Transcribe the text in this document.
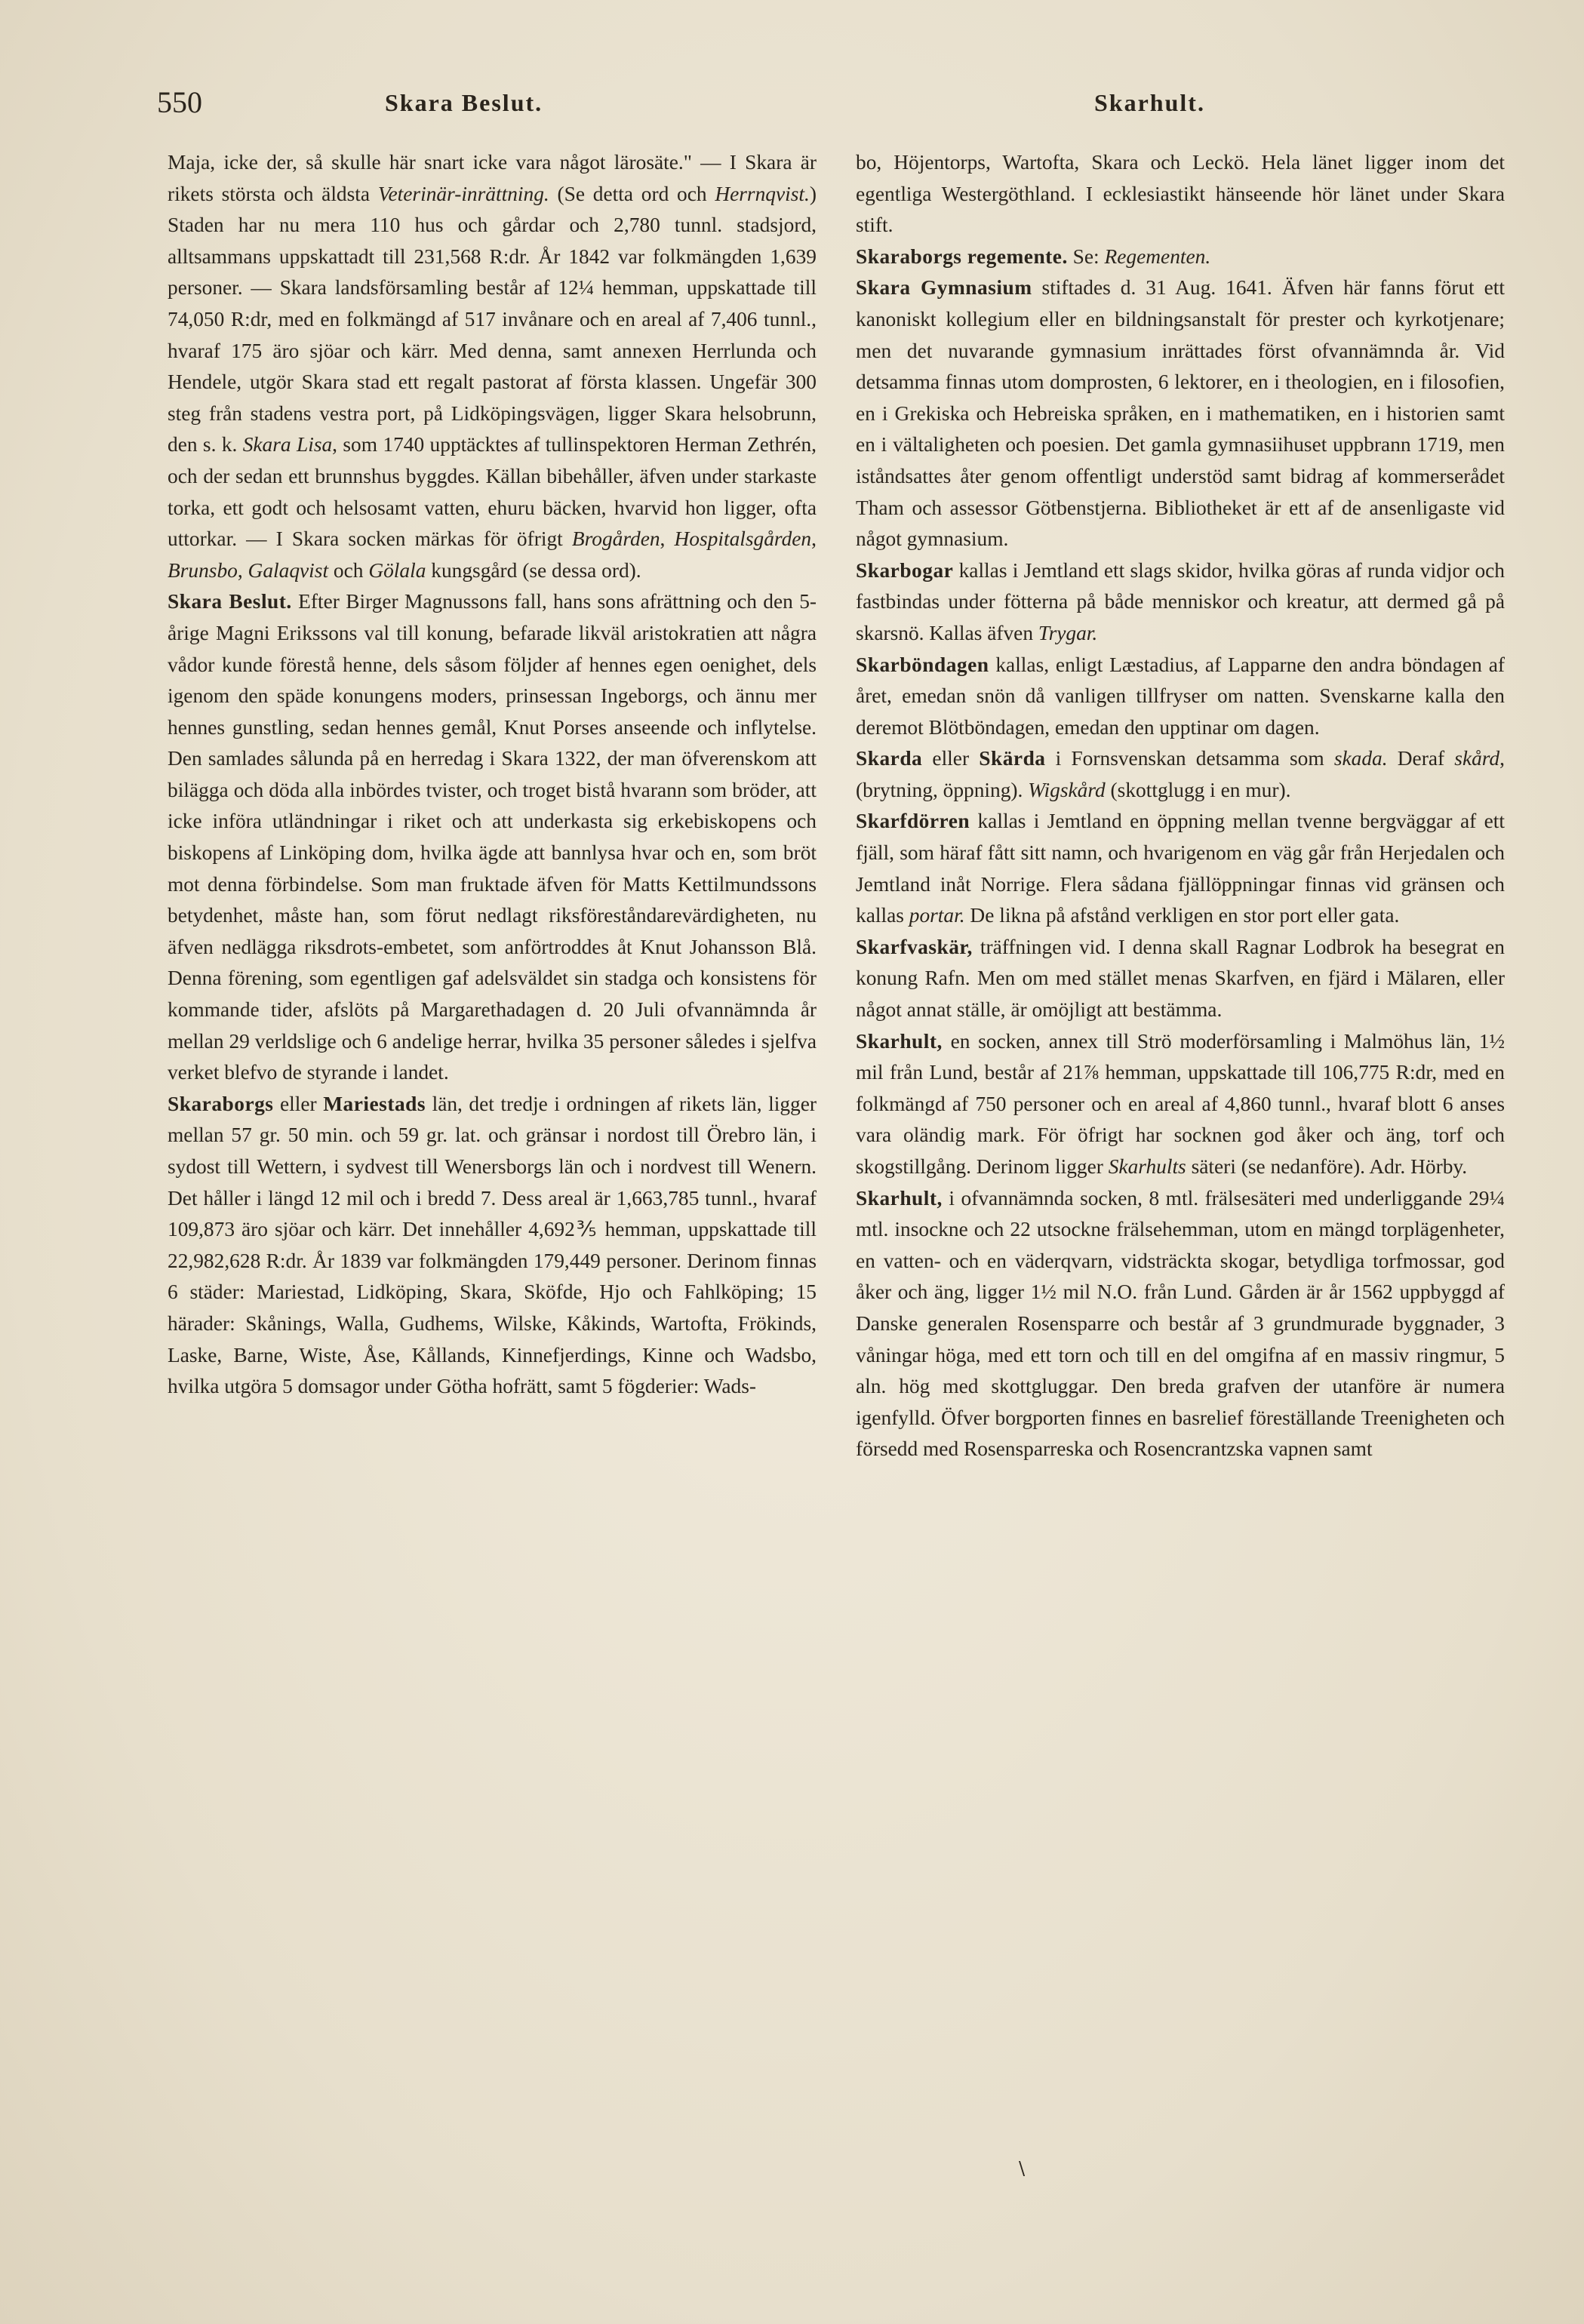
550	Skara Beslut.	Skarhult.

Maja, icke der, så skulle här snart icke vara något lärosäte." — I Skara är rikets största och äldsta Veterinär-inrättning. (Se detta ord och Herrnqvist.) Staden har nu mera 110 hus och gårdar och 2,780 tunnl. stadsjord, alltsammans uppskattadt till 231,568 R:dr. År 1842 var folkmängden 1,639 personer. — Skara landsförsamling består af 12¼ hemman, uppskattade till 74,050 R:dr, med en folkmängd af 517 invånare och en areal af 7,406 tunnl., hvaraf 175 äro sjöar och kärr. Med denna, samt annexen Herrlunda och Hendele, utgör Skara stad ett regalt pastorat af första klassen. Ungefär 300 steg från stadens vestra port, på Lidköpingsvägen, ligger Skara helsobrunn, den s. k. Skara Lisa, som 1740 upptäcktes af tullinspektoren Herman Zethrén, och der sedan ett brunnshus byggdes. Källan bibehåller, äfven under starkaste torka, ett godt och helsosamt vatten, ehuru bäcken, hvarvid hon ligger, ofta uttorkar. — I Skara socken märkas för öfrigt Brogården, Hospitalsgården, Brunsbo, Galaqvist och Gölala kungsgård (se dessa ord).

Skara Beslut. Efter Birger Magnussons fall, hans sons afrättning och den 5-årige Magni Erikssons val till konung, befarade likväl aristokratien att några vådor kunde förestå henne, dels såsom följder af hennes egen oenighet, dels igenom den späde konungens moders, prinsessan Ingeborgs, och ännu mer hennes gunstling, sedan hennes gemål, Knut Porses anseende och inflytelse. Den samlades sålunda på en herredag i Skara 1322, der man öfverenskom att bilägga och döda alla inbördes tvister, och troget bistå hvarann som bröder, att icke införa utländningar i riket och att underkasta sig erkebiskopens och biskopens af Linköping dom, hvilka ägde att bannlysa hvar och en, som bröt mot denna förbindelse. Som man fruktade äfven för Matts Kettilmundssons betydenhet, måste han, som förut nedlagt riksföreståndarevärdigheten, nu äfven nedlägga riksdrots-embetet, som anförtroddes åt Knut Johansson Blå. Denna förening, som egentligen gaf adelsväldet sin stadga och konsistens för kommande tider, afslöts på Margarethadagen d. 20 Juli ofvannämnda år mellan 29 verldslige och 6 andelige herrar, hvilka 35 personer således i sjelfva verket blefvo de styrande i landet.

Skaraborgs eller Mariestads län, det tredje i ordningen af rikets län, ligger mellan 57 gr. 50 min. och 59 gr. lat. och gränsar i nordost till Örebro län, i sydost till Wettern, i sydvest till Wenersborgs län och i nordvest till Wenern. Det håller i längd 12 mil och i bredd 7. Dess areal är 1,663,785 tunnl., hvaraf 109,873 äro sjöar och kärr. Det innehåller 4,692⅗ hemman, uppskattade till 22,982,628 R:dr. År 1839 var folkmängden 179,449 personer. Derinom finnas 6 städer: Mariestad, Lidköping, Skara, Sköfde, Hjo och Fahlköping; 15 härader: Skånings, Walla, Gudhems, Wilske, Kåkinds, Wartofta, Frökinds, Laske, Barne, Wiste, Åse, Kållands, Kinnefjerdings, Kinne och Wadsbo, hvilka utgöra 5 domsagor under Götha hofrätt, samt 5 fögderier: Wads-

bo, Höjentorps, Wartofta, Skara och Leckö. Hela länet ligger inom det egentliga Westergöthland. I ecklesiastikt hänseende hör länet under Skara stift.

Skaraborgs regemente. Se: Regementen.

Skara Gymnasium stiftades d. 31 Aug. 1641. Äfven här fanns förut ett kanoniskt kollegium eller en bildningsanstalt för prester och kyrkotjenare; men det nuvarande gymnasium inrättades först ofvannämnda år. Vid detsamma finnas utom domprosten, 6 lektorer, en i theologien, en i filosofien, en i Grekiska och Hebreiska språken, en i mathematiken, en i historien samt en i vältaligheten och poesien. Det gamla gymnasiihuset uppbrann 1719, men iståndsattes åter genom offentligt understöd samt bidrag af kommerserådet Tham och assessor Götbenstjerna. Bibliotheket är ett af de ansenligaste vid något gymnasium.

Skarbogar kallas i Jemtland ett slags skidor, hvilka göras af runda vidjor och fastbindas under fötterna på både menniskor och kreatur, att dermed gå på skarsnö. Kallas äfven Trygar.

Skarböndagen kallas, enligt Læstadius, af Lapparne den andra böndagen af året, emedan snön då vanligen tillfryser om natten. Svenskarne kalla den deremot Blötböndagen, emedan den upptinar om dagen.

Skarda eller Skärda i Fornsvenskan detsamma som skada. Deraf skård, (brytning, öppning). Wigskård (skottglugg i en mur).

Skarfdörren kallas i Jemtland en öppning mellan tvenne bergväggar af ett fjäll, som häraf fått sitt namn, och hvarigenom en väg går från Herjedalen och Jemtland inåt Norrige. Flera sådana fjällöppningar finnas vid gränsen och kallas portar. De likna på afstånd verkligen en stor port eller gata.

Skarfvaskär, träffningen vid. I denna skall Ragnar Lodbrok ha besegrat en konung Rafn. Men om med stället menas Skarfven, en fjärd i Mälaren, eller något annat ställe, är omöjligt att bestämma.

Skarhult, en socken, annex till Strö moderförsamling i Malmöhus län, 1½ mil från Lund, består af 21⅞ hemman, uppskattade till 106,775 R:dr, med en folkmängd af 750 personer och en areal af 4,860 tunnl., hvaraf blott 6 anses vara oländig mark. För öfrigt har socknen god åker och äng, torf och skogstillgång. Derinom ligger Skarhults säteri (se nedanföre). Adr. Hörby.

Skarhult, i ofvannämnda socken, 8 mtl. frälsesäteri med underliggande 29¼ mtl. insockne och 22 utsockne frälsehemman, utom en mängd torplägenheter, en vatten- och en väderqvarn, vidsträckta skogar, betydliga torfmossar, god åker och äng, ligger 1½ mil N.O. från Lund. Gården är år 1562 uppbyggd af Danske generalen Rosensparre och består af 3 grundmurade byggnader, 3 våningar höga, med ett torn och till en del omgifna af en massiv ringmur, 5 aln. hög med skottgluggar. Den breda grafven der utanföre är numera igenfylld. Öfver borgporten finnes en basrelief föreställande Treenigheten och försedd med Rosensparreska och Rosencrantzska vapnen samt

\
